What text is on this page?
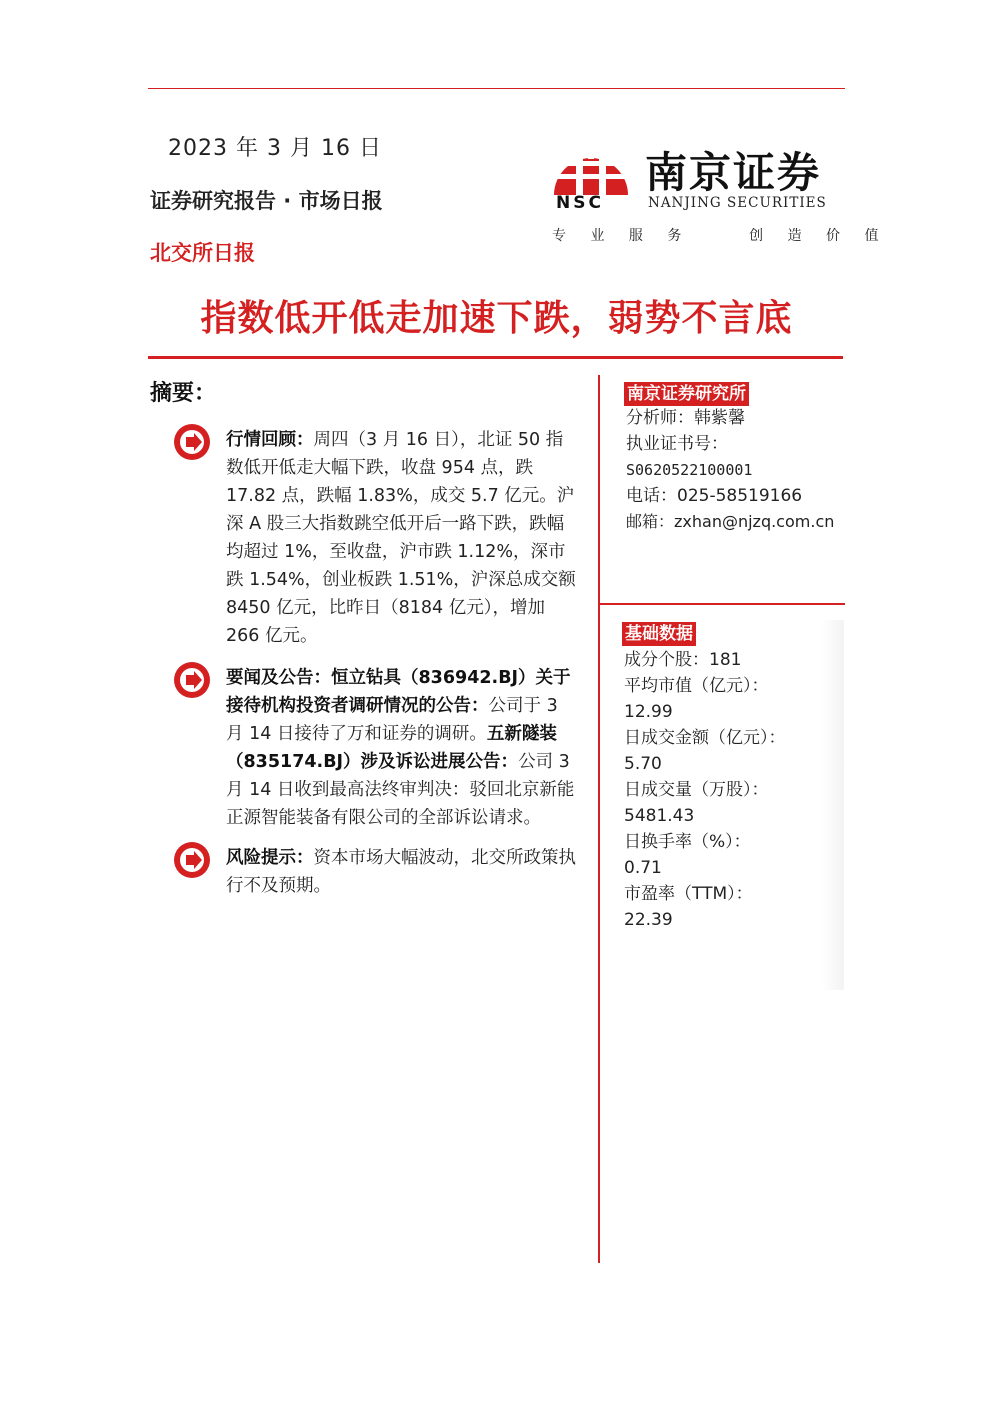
2023 年 3 月 16 日
证券研究报告 · 市场日报
北交所日报
NSC
南京证券
NANJING SECURITIES
专 业 服 务    创 造 价 值
指数低开低走加速下跌，弱势不言底
摘要：
行情回顾：周四（3 月 16 日），北证 50 指数低开低走大幅下跌，收盘 954 点，跌 17.82 点，跌幅 1.83%，成交 5.7 亿元。沪深 A 股三大指数跳空低开后一路下跌，跌幅均超过 1%，至收盘，沪市跌 1.12%，深市跌 1.54%，创业板跌 1.51%，沪深总成交额 8450 亿元，比昨日（8184 亿元），增加 266 亿元。
要闻及公告：恒立钻具（836942.BJ）关于接待机构投资者调研情况的公告：公司于 3 月 14 日接待了万和证券的调研。五新隧装（835174.BJ）涉及诉讼进展公告：公司 3 月 14 日收到最高法终审判决：驳回北京新能正源智能装备有限公司的全部诉讼请求。
风险提示：资本市场大幅波动，北交所政策执行不及预期。
南京证券研究所
分析师：韩紫馨
执业证书号：
S0620522100001
电话：025-58519166
邮箱：zxhan@njzq.com.cn
基础数据
成分个股：181
平均市值（亿元）：
12.99
日成交金额（亿元）：
5.70
日成交量（万股）：
5481.43
日换手率（%）：
0.71
市盈率（TTM）：
22.39
